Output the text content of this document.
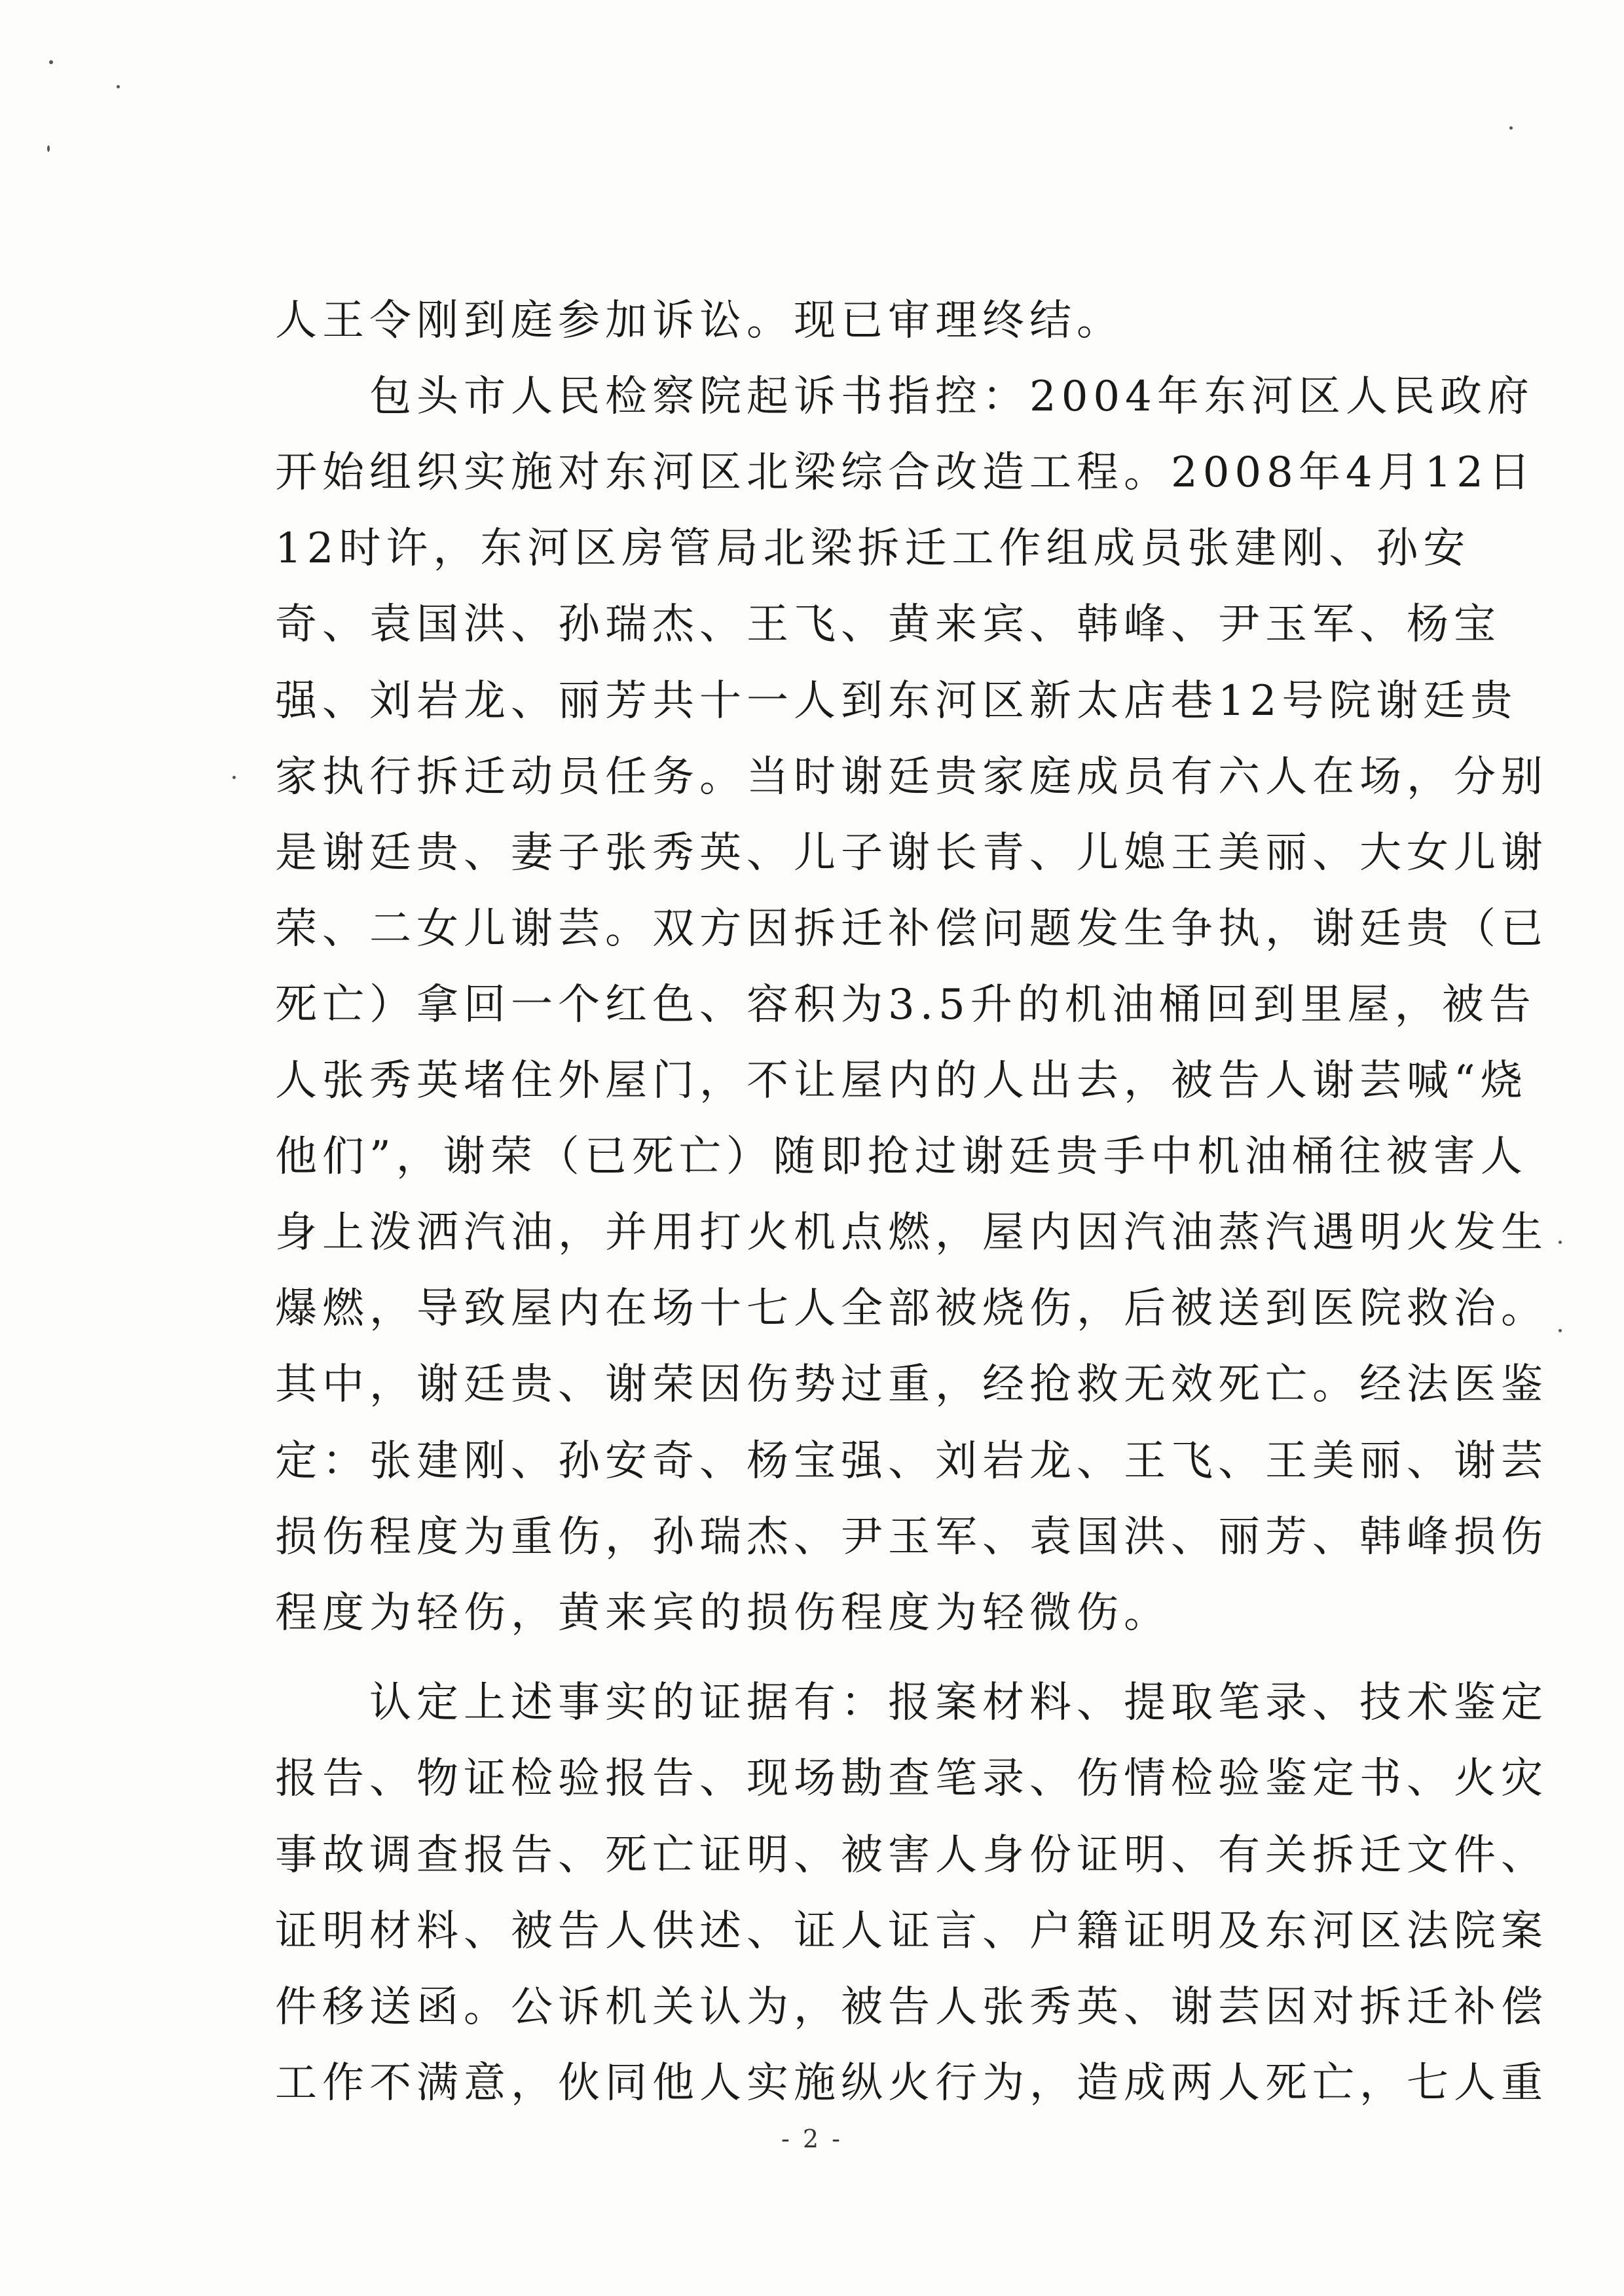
人王令刚到庭参加诉讼。现已审理终结。
　　包头市人民检察院起诉书指控：2004年东河区人民政府
开始组织实施对东河区北梁综合改造工程。2008年4月12日
12时许，东河区房管局北梁拆迁工作组成员张建刚、孙安
奇、袁国洪、孙瑞杰、王飞、黄来宾、韩峰、尹玉军、杨宝
强、刘岩龙、丽芳共十一人到东河区新太店巷12号院谢廷贵
家执行拆迁动员任务。当时谢廷贵家庭成员有六人在场，分别
是谢廷贵、妻子张秀英、儿子谢长青、儿媳王美丽、大女儿谢
荣、二女儿谢芸。双方因拆迁补偿问题发生争执，谢廷贵（已
死亡）拿回一个红色、容积为3.5升的机油桶回到里屋，被告
人张秀英堵住外屋门，不让屋内的人出去，被告人谢芸喊“烧
他们”，谢荣（已死亡）随即抢过谢廷贵手中机油桶往被害人
身上泼洒汽油，并用打火机点燃，屋内因汽油蒸汽遇明火发生
爆燃，导致屋内在场十七人全部被烧伤，后被送到医院救治。
其中，谢廷贵、谢荣因伤势过重，经抢救无效死亡。经法医鉴
定：张建刚、孙安奇、杨宝强、刘岩龙、王飞、王美丽、谢芸
损伤程度为重伤，孙瑞杰、尹玉军、袁国洪、丽芳、韩峰损伤
程度为轻伤，黄来宾的损伤程度为轻微伤。
　　认定上述事实的证据有：报案材料、提取笔录、技术鉴定
报告、物证检验报告、现场勘查笔录、伤情检验鉴定书、火灾
事故调查报告、死亡证明、被害人身份证明、有关拆迁文件、
证明材料、被告人供述、证人证言、户籍证明及东河区法院案
件移送函。公诉机关认为，被告人张秀英、谢芸因对拆迁补偿
工作不满意，伙同他人实施纵火行为，造成两人死亡，七人重
- 2 -
